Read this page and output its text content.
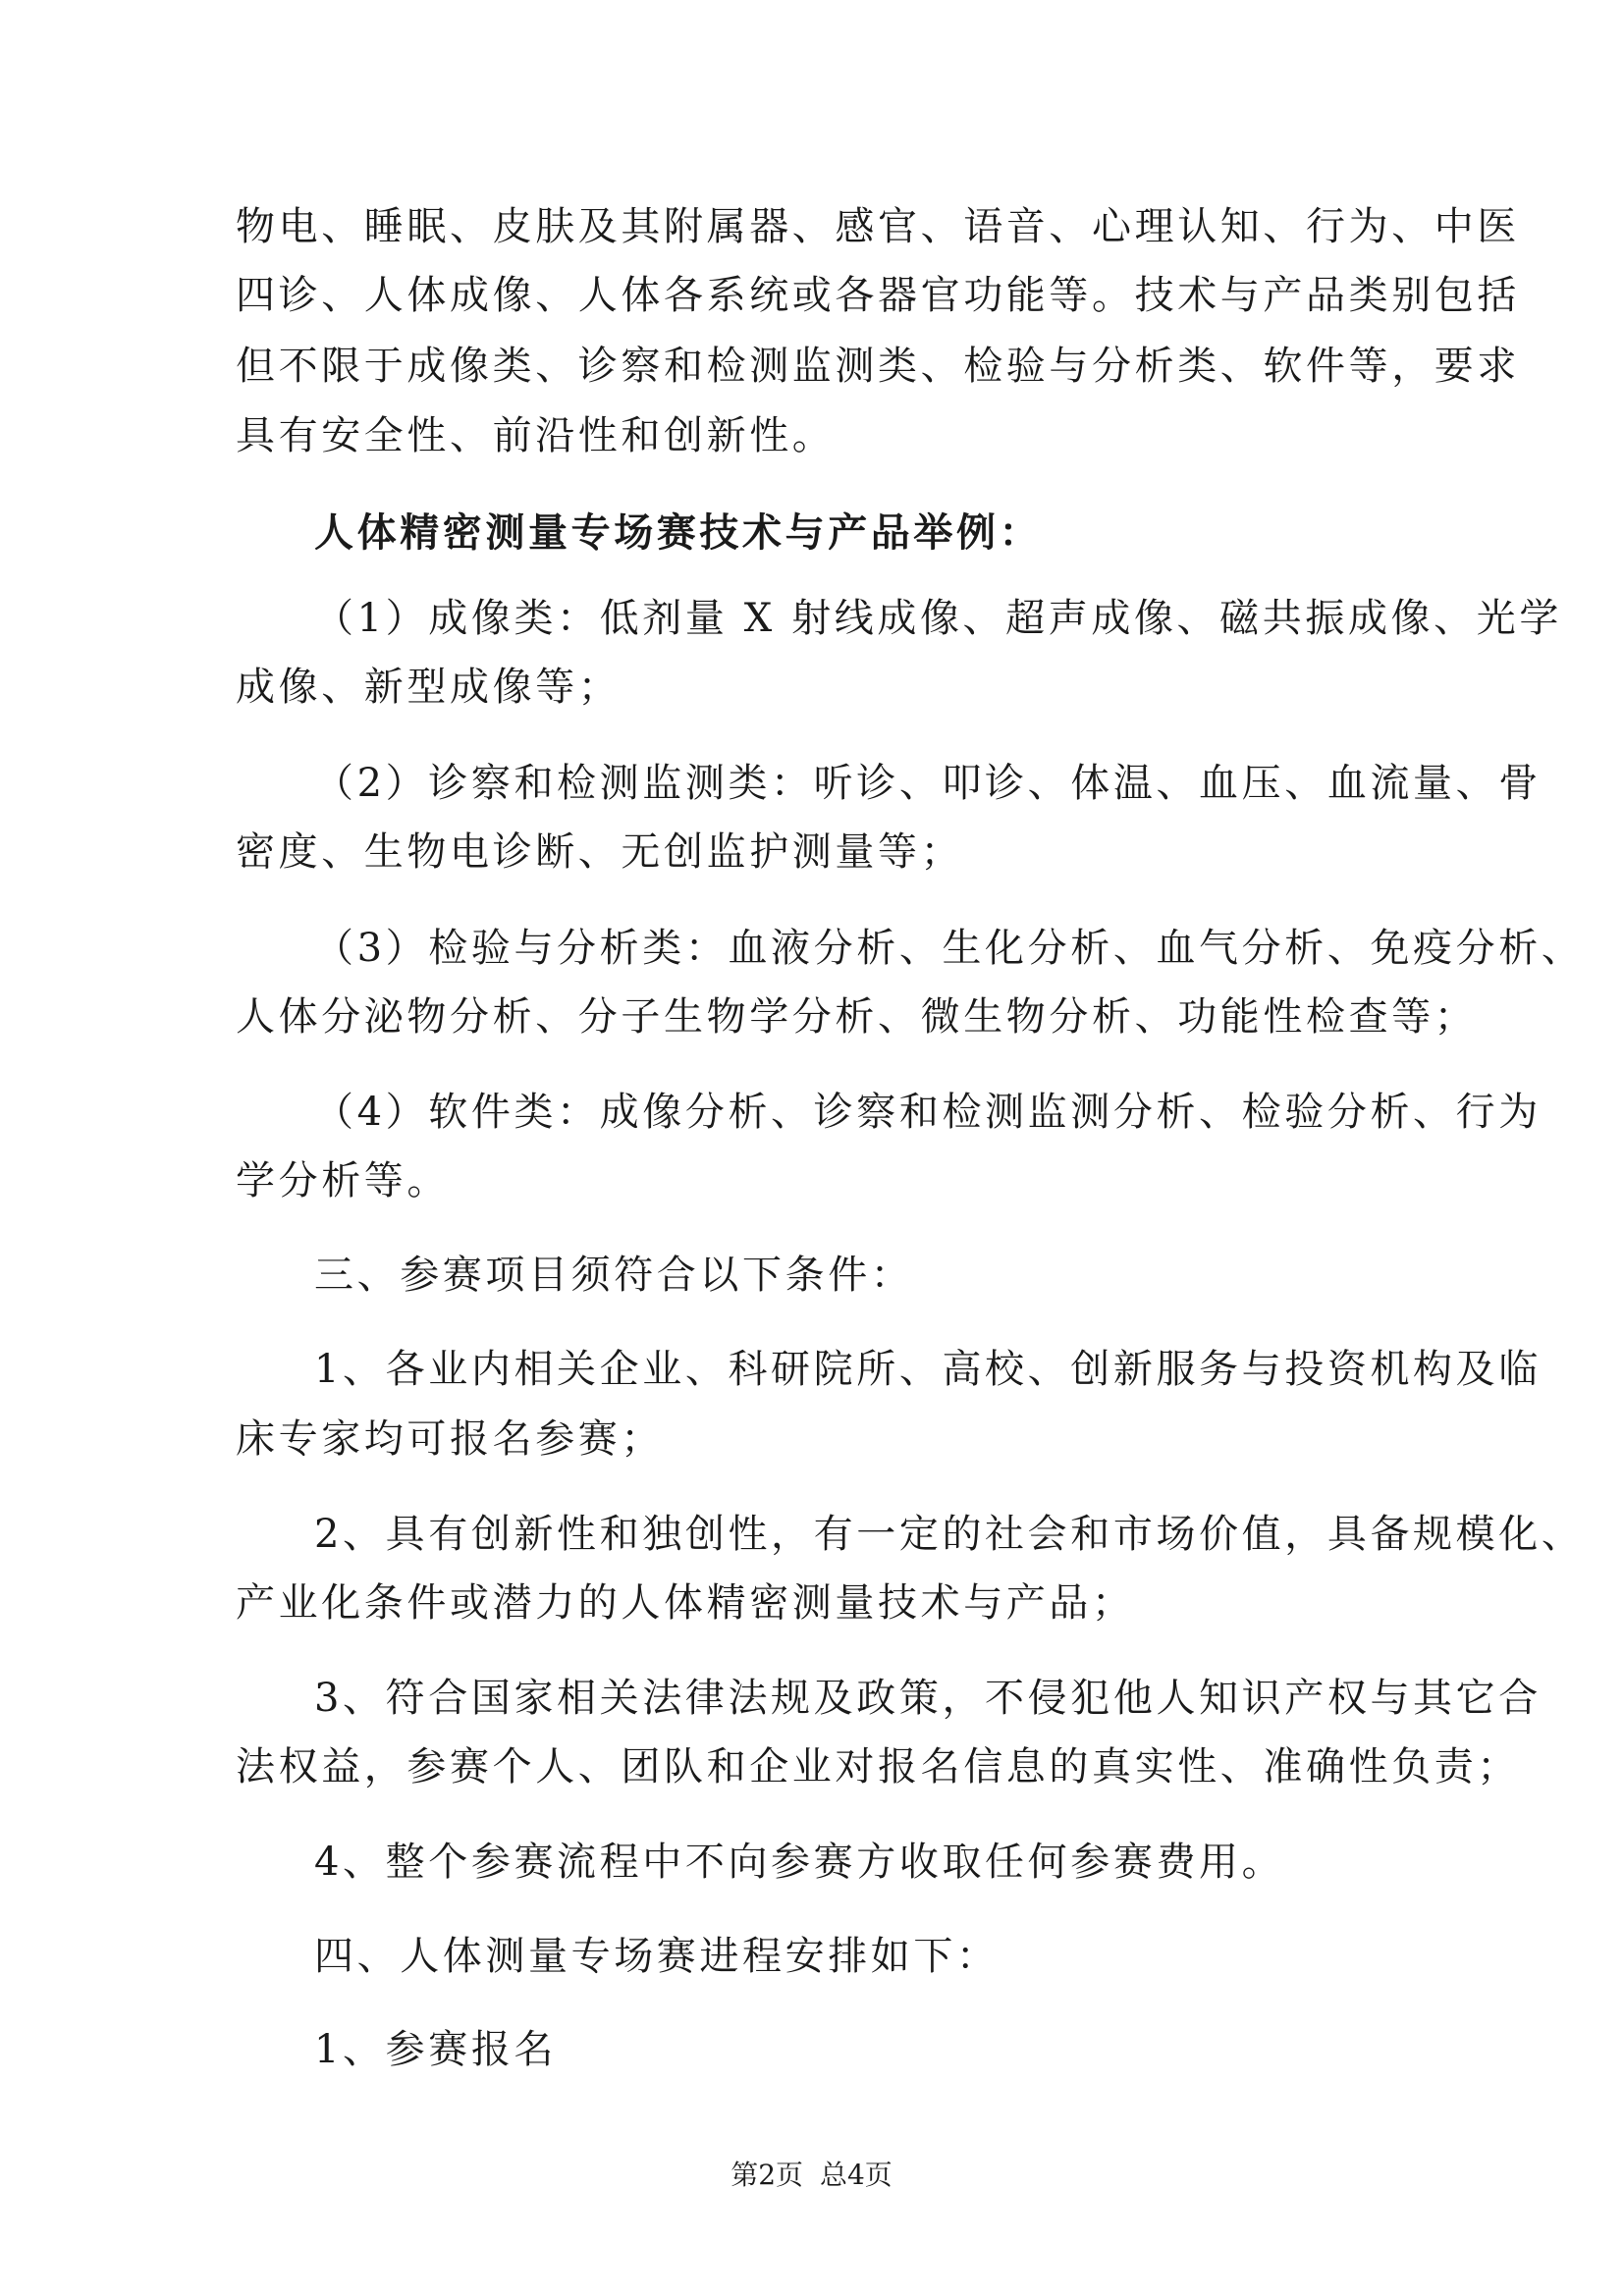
物电、睡眠、皮肤及其附属器、感官、语音、心理认知、行为、中医
四诊、人体成像、人体各系统或各器官功能等。技术与产品类别包括
但不限于成像类、诊察和检测监测类、检验与分析类、软件等，要求
具有安全性、前沿性和创新性。
人体精密测量专场赛技术与产品举例：
（1）成像类：低剂量 X 射线成像、超声成像、磁共振成像、光学
成像、新型成像等；
（2）诊察和检测监测类：听诊、叩诊、体温、血压、血流量、骨
密度、生物电诊断、无创监护测量等；
（3）检验与分析类：血液分析、生化分析、血气分析、免疫分析、
人体分泌物分析、分子生物学分析、微生物分析、功能性检查等；
（4）软件类：成像分析、诊察和检测监测分析、检验分析、行为
学分析等。
三、参赛项目须符合以下条件：
1、各业内相关企业、科研院所、高校、创新服务与投资机构及临
床专家均可报名参赛；
2、具有创新性和独创性，有一定的社会和市场价值，具备规模化、
产业化条件或潜力的人体精密测量技术与产品；
3、符合国家相关法律法规及政策，不侵犯他人知识产权与其它合
法权益，参赛个人、团队和企业对报名信息的真实性、准确性负责；
4、整个参赛流程中不向参赛方收取任何参赛费用。
四、人体测量专场赛进程安排如下：
1、参赛报名
第2页 总4页
